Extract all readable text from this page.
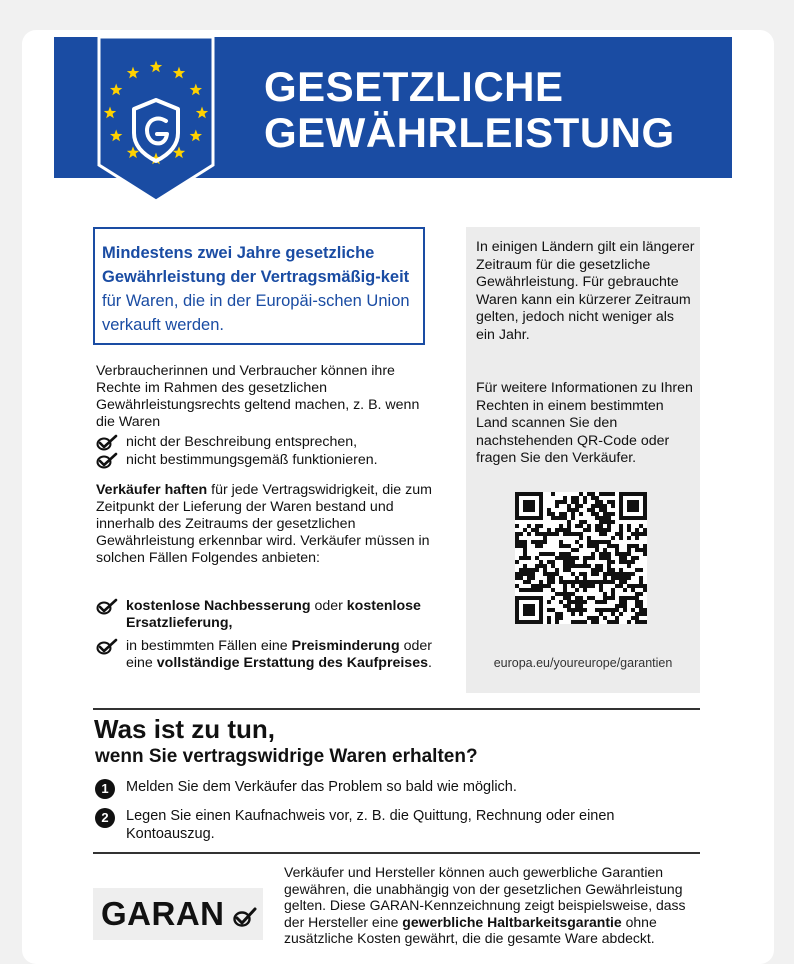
GESETZLICHE
GEWÄHRLEISTUNG
Mindestens zwei Jahre gesetzliche Gewährleistung der Vertragsmäßig-keit für Waren, die in der Europäi-schen Union verkauft werden.
Verbraucherinnen und Verbraucher können ihre Rechte im Rahmen des gesetzlichen Gewährleistungsrechts geltend machen, z. B. wenn die Waren
nicht der Beschreibung entsprechen,
nicht bestimmungsgemäß funktionieren.
Verkäufer haften für jede Vertragswidrigkeit, die zum Zeitpunkt der Lieferung der Waren bestand und innerhalb des Zeitraums der gesetzlichen Gewährleistung erkennbar wird. Verkäufer müssen in solchen Fällen Folgendes anbieten:
kostenlose Nachbesserung oder kostenlose Ersatzlieferung,
in bestimmten Fällen eine Preisminderung oder eine vollständige Erstattung des Kaufpreises.
In einigen Ländern gilt ein längerer Zeitraum für die gesetzliche Gewährleistung. Für gebrauchte Waren kann ein kürzerer Zeitraum gelten, jedoch nicht weniger als ein Jahr.
Für weitere Informationen zu Ihren Rechten in einem bestimmten Land scannen Sie den nachstehenden QR-Code oder fragen Sie den Verkäufer.
europa.eu/youreurope/garantien
Was ist zu tun,
wenn Sie vertragswidrige Waren erhalten?
1	Melden Sie dem Verkäufer das Problem so bald wie möglich.
2	Legen Sie einen Kaufnachweis vor, z. B. die Quittung, Rechnung oder einen Kontoauszug.
GARAN
Verkäufer und Hersteller können auch gewerbliche Garantien gewähren, die unabhängig von der gesetzlichen Gewährleistung gelten. Diese GARAN-Kennzeichnung zeigt beispielsweise, dass der Hersteller eine gewerbliche Haltbarkeitsgarantie ohne zusätzliche Kosten gewährt, die die gesamte Ware abdeckt.
